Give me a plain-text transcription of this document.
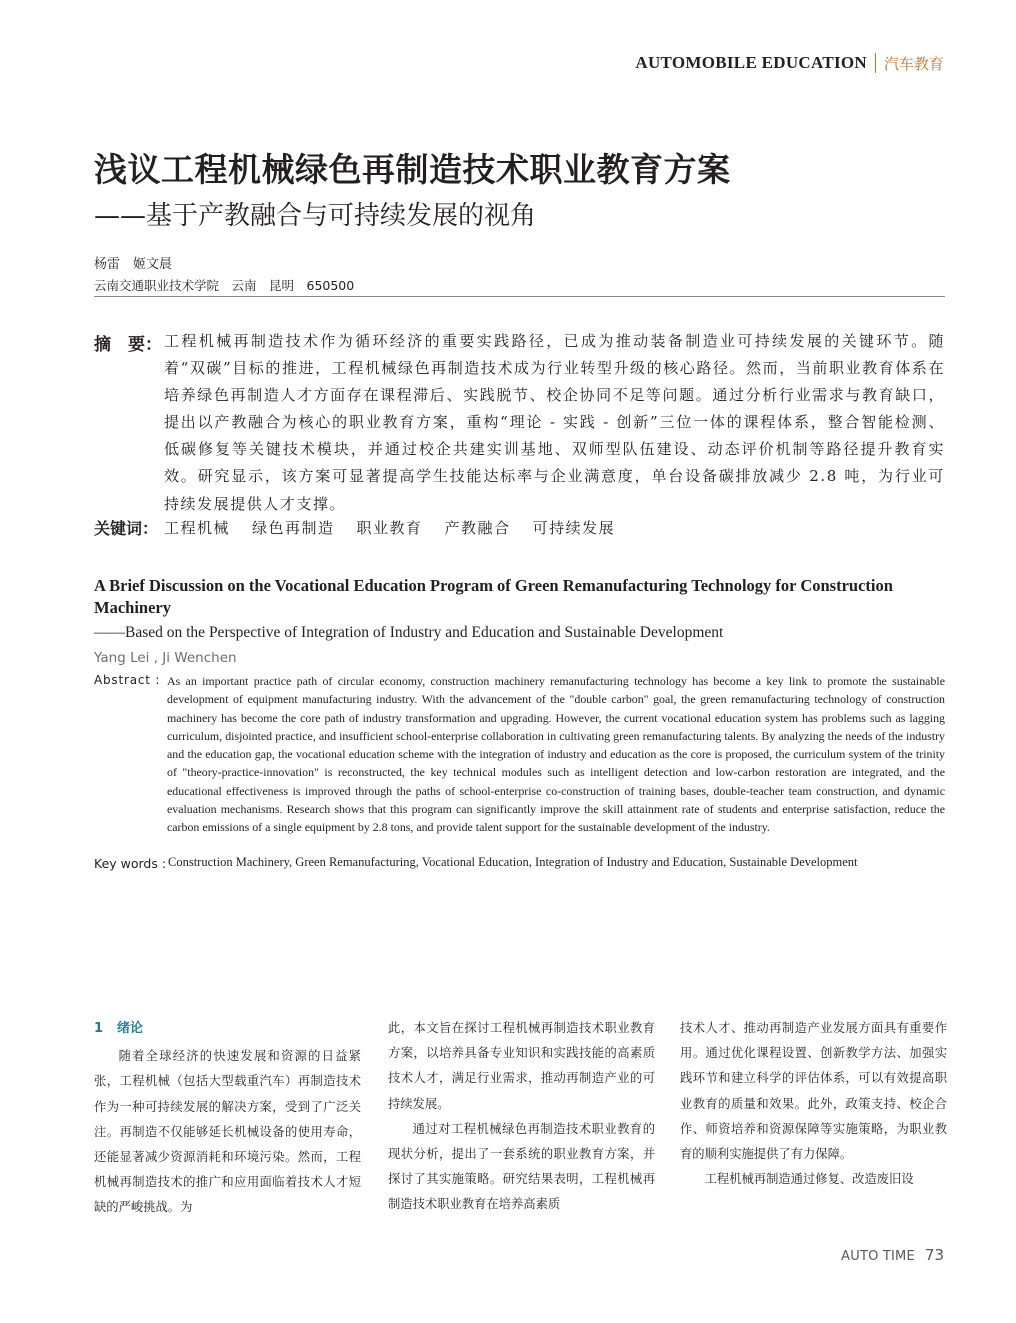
AUTOMOBILE EDUCATION 汽车教育
浅议工程机械绿色再制造技术职业教育方案
——基于产教融合与可持续发展的视角
杨雷　姬文晨
云南交通职业技术学院　云南　昆明　650500
摘　要： 工程机械再制造技术作为循环经济的重要实践路径，已成为推动装备制造业可持续发展的关键环节。随着“双碳”目标的推进，工程机械绿色再制造技术成为行业转型升级的核心路径。然而，当前职业教育体系在培养绿色再制造人才方面存在课程滞后、实践脱节、校企协同不足等问题。通过分析行业需求与教育缺口，提出以产教融合为核心的职业教育方案，重构“理论 - 实践 - 创新”三位一体的课程体系，整合智能检测、低碳修复等关键技术模块，并通过校企共建实训基地、双师型队伍建设、动态评价机制等路径提升教育实效。研究显示，该方案可显著提高学生技能达标率与企业满意度，单台设备碳排放减少 2.8 吨，为行业可持续发展提供人才支撑。
关键词： 工程机械 绿色再制造 职业教育 产教融合 可持续发展
A Brief Discussion on the Vocational Education Program of Green Remanufacturing Technology for Construction Machinery
——Based on the Perspective of Integration of Industry and Education and Sustainable Development
Yang Lei , Ji Wenchen
Abstract : As an important practice path of circular economy, construction machinery remanufacturing technology has become a key link to promote the sustainable development of equipment manufacturing industry. With the advancement of the "double carbon" goal, the green remanufacturing technology of construction machinery has become the core path of industry transformation and upgrading. However, the current vocational education system has problems such as lagging curriculum, disjointed practice, and insufficient school-enterprise collaboration in cultivating green remanufacturing talents. By analyzing the needs of the industry and the education gap, the vocational education scheme with the integration of industry and education as the core is proposed, the curriculum system of the trinity of "theory-practice-innovation" is reconstructed, the key technical modules such as intelligent detection and low-carbon restoration are integrated, and the educational effectiveness is improved through the paths of school-enterprise co-construction of training bases, double-teacher team construction, and dynamic evaluation mechanisms. Research shows that this program can significantly improve the skill attainment rate of students and enterprise satisfaction, reduce the carbon emissions of a single equipment by 2.8 tons, and provide talent support for the sustainable development of the industry.
Key words : Construction Machinery, Green Remanufacturing, Vocational Education, Integration of Industry and Education, Sustainable Development
1 绪论

随着全球经济的快速发展和资源的日益紧张，工程机械（包括大型载重汽车）再制造技术作为一种可持续发展的解决方案，受到了广泛关注。再制造不仅能够延长机械设备的使用寿命，还能显著减少资源消耗和环境污染。然而，工程机械再制造技术的推广和应用面临着技术人才短缺的严峻挑战。为

此，本文旨在探讨工程机械再制造技术职业教育方案，以培养具备专业知识和实践技能的高素质技术人才，满足行业需求，推动再制造产业的可持续发展。

通过对工程机械绿色再制造技术职业教育的现状分析，提出了一套系统的职业教育方案，并探讨了其实施策略。研究结果表明，工程机械再制造技术职业教育在培养高素质

技术人才、推动再制造产业发展方面具有重要作用。通过优化课程设置、创新教学方法、加强实践环节和建立科学的评估体系，可以有效提高职业教育的质量和效果。此外，政策支持、校企合作、师资培养和资源保障等实施策略，为职业教育的顺利实施提供了有力保障。

工程机械再制造通过修复、改造废旧设

AUTO TIME 73
